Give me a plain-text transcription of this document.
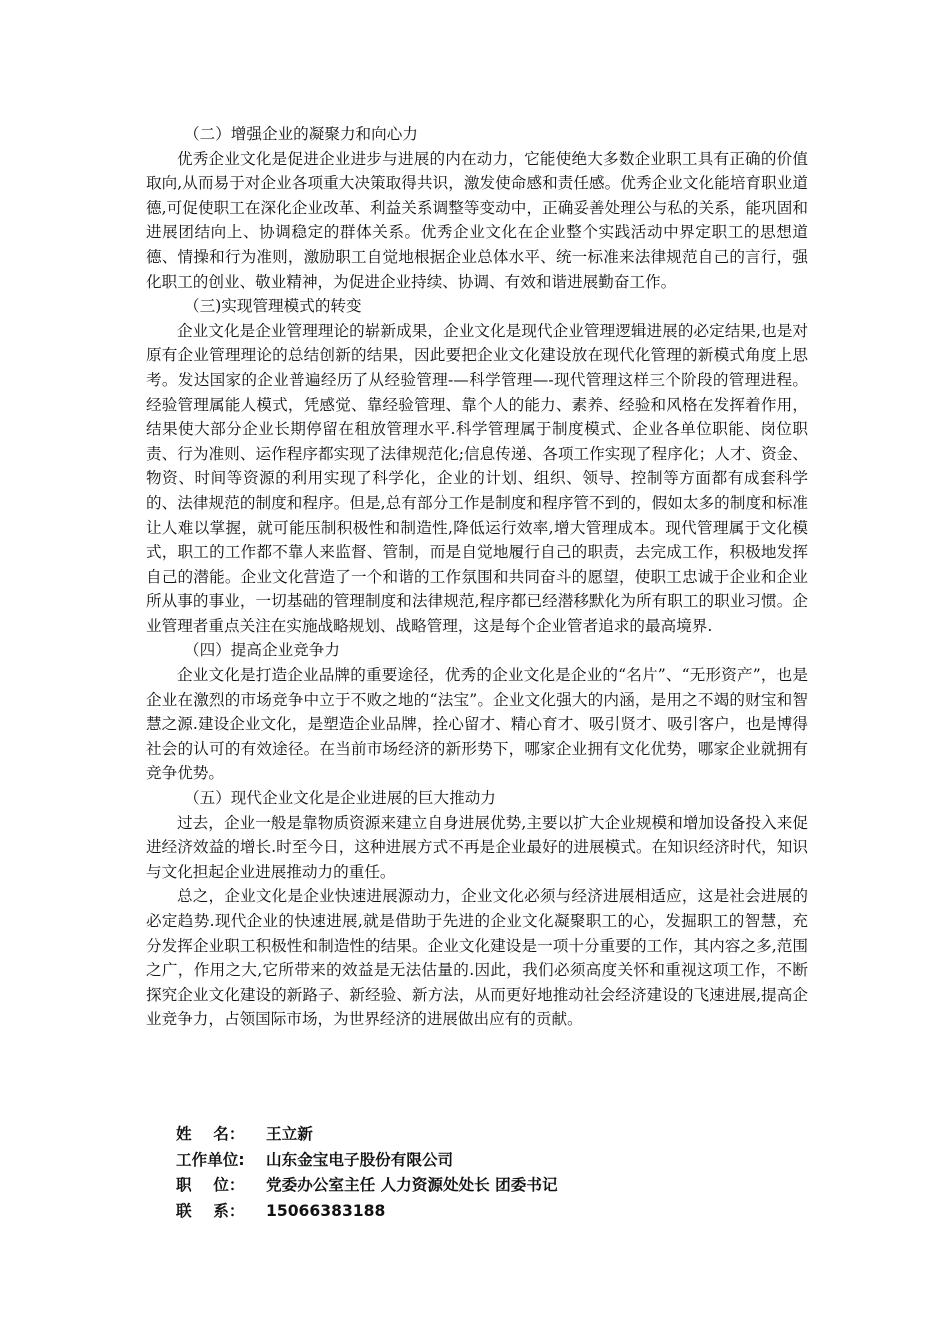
（二）增强企业的凝聚力和向心力

优秀企业文化是促进企业进步与进展的内在动力，它能使绝大多数企业职工具有正确的价值取向,从而易于对企业各项重大决策取得共识，激发使命感和责任感。优秀企业文化能培育职业道德,可促使职工在深化企业改革、利益关系调整等变动中，正确妥善处理公与私的关系，能巩固和进展团结向上、协调稳定的群体关系。优秀企业文化在企业整个实践活动中界定职工的思想道德、情操和行为准则，激励职工自觉地根据企业总体水平、统一标准来法律规范自己的言行，强化职工的创业、敬业精神，为促进企业持续、协调、有效和谐进展勤奋工作。

（三)实现管理模式的转变

企业文化是企业管理理论的崭新成果，企业文化是现代企业管理逻辑进展的必定结果,也是对原有企业管理理论的总结创新的结果，因此要把企业文化建设放在现代化管理的新模式角度上思考。发达国家的企业普遍经历了从经验管理-—科学管理—-现代管理这样三个阶段的管理进程。经验管理属能人模式，凭感觉、靠经验管理、靠个人的能力、素养、经验和风格在发挥着作用，结果使大部分企业长期停留在租放管理水平.科学管理属于制度模式、企业各单位职能、岗位职责、行为准则、运作程序都实现了法律规范化;信息传递、各项工作实现了程序化；人才、资金、物资、时间等资源的利用实现了科学化，企业的计划、组织、领导、控制等方面都有成套科学的、法律规范的制度和程序。但是,总有部分工作是制度和程序管不到的，假如太多的制度和标准让人难以掌握，就可能压制积极性和制造性,降低运行效率,增大管理成本。现代管理属于文化模式，职工的工作都不靠人来监督、管制，而是自觉地履行自己的职责，去完成工作，积极地发挥自己的潜能。企业文化营造了一个和谐的工作氛围和共同奋斗的愿望，使职工忠诚于企业和企业所从事的事业，一切基础的管理制度和法律规范,程序都已经潜移默化为所有职工的职业习惯。企业管理者重点关注在实施战略规划、战略管理，这是每个企业管者追求的最高境界.

（四）提高企业竞争力

企业文化是打造企业品牌的重要途径，优秀的企业文化是企业的“名片”、“无形资产”，也是企业在激烈的市场竞争中立于不败之地的“法宝”。企业文化强大的内涵，是用之不竭的财宝和智慧之源.建设企业文化，是塑造企业品牌，拴心留才、精心育才、吸引贤才、吸引客户，也是博得社会的认可的有效途径。在当前市场经济的新形势下，哪家企业拥有文化优势，哪家企业就拥有竞争优势。

（五）现代企业文化是企业进展的巨大推动力

过去，企业一般是靠物质资源来建立自身进展优势,主要以扩大企业规模和增加设备投入来促进经济效益的增长.时至今日，这种进展方式不再是企业最好的进展模式。在知识经济时代，知识与文化担起企业进展推动力的重任。

总之，企业文化是企业快速进展源动力，企业文化必须与经济进展相适应，这是社会进展的必定趋势.现代企业的快速进展,就是借助于先进的企业文化凝聚职工的心，发掘职工的智慧，充分发挥企业职工积极性和制造性的结果。企业文化建设是一项十分重要的工作，其内容之多,范围之广，作用之大,它所带来的效益是无法估量的.因此，我们必须高度关怀和重视这项工作，不断探究企业文化建设的新路子、新经验、新方法，从而更好地推动社会经济建设的飞速进展,提高企业竞争力，占领国际市场，为世界经济的进展做出应有的贡献。

姓    名： 王立新
工作单位: 山东金宝电子股份有限公司
职    位： 党委办公室主任 人力资源处处长 团委书记
联    系： 15066383188
